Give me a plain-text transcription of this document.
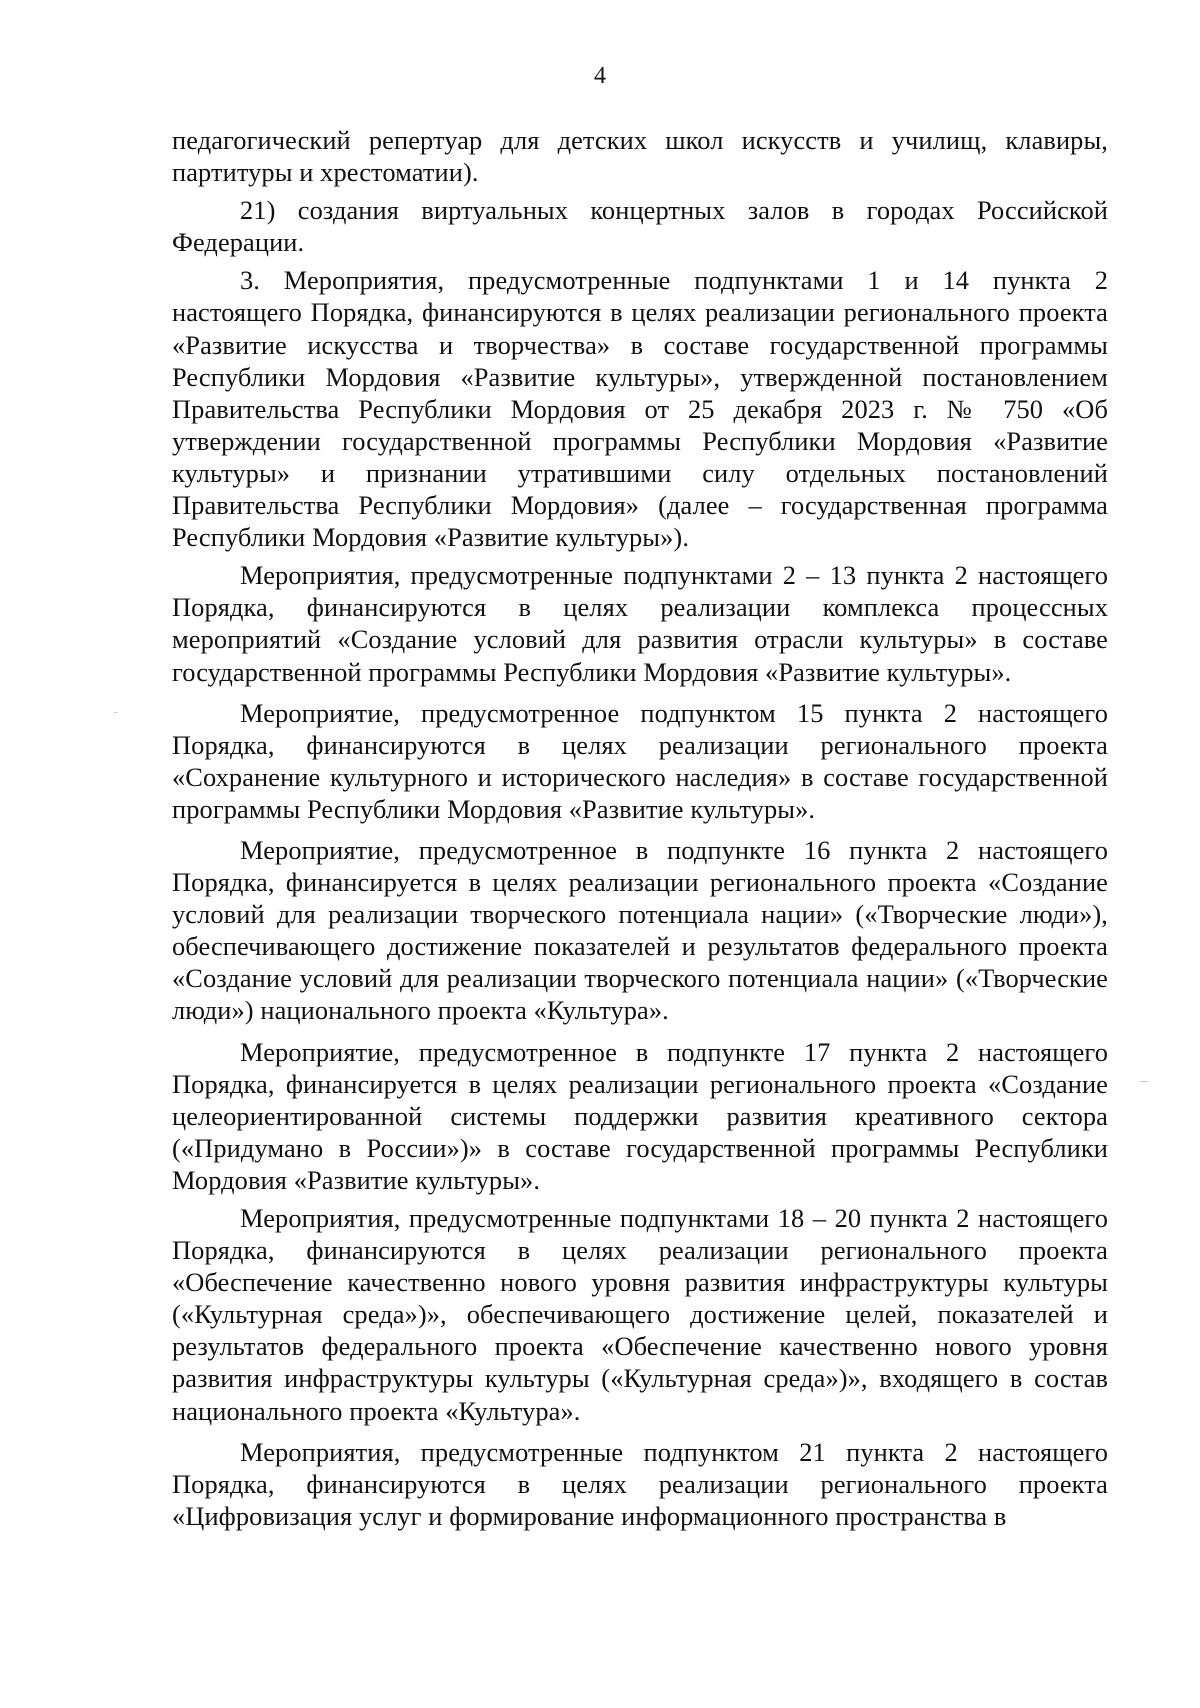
4

педагогический репертуар для детских школ искусств и училищ, клавиры, партитуры и хрестоматии).

21) создания виртуальных концертных залов в городах Российской Федерации.

3. Мероприятия, предусмотренные подпунктами 1 и 14 пункта 2 настоящего Порядка, финансируются в целях реализации регионального проекта «Развитие искусства и творчества» в составе государственной программы Республики Мордовия «Развитие культуры», утвержденной постановлением Правительства Республики Мордовия от 25 декабря 2023 г. № 750 «Об утверждении государственной программы Республики Мордовия «Развитие культуры» и признании утратившими силу отдельных постановлений Правительства Республики Мордовия» (далее – государственная программа Республики Мордовия «Развитие культуры»).

Мероприятия, предусмотренные подпунктами 2 – 13 пункта 2 настоящего Порядка, финансируются в целях реализации комплекса процессных мероприятий «Создание условий для развития отрасли культуры» в составе государственной программы Республики Мордовия «Развитие культуры».

Мероприятие, предусмотренное подпунктом 15 пункта 2 настоящего Порядка, финансируются в целях реализации регионального проекта «Сохранение культурного и исторического наследия» в составе государственной программы Республики Мордовия «Развитие культуры».

Мероприятие, предусмотренное в подпункте 16 пункта 2 настоящего Порядка, финансируется в целях реализации регионального проекта «Создание условий для реализации творческого потенциала нации» («Творческие люди»), обеспечивающего достижение показателей и результатов федерального проекта «Создание условий для реализации творческого потенциала нации» («Творческие люди») национального проекта «Культура».

Мероприятие, предусмотренное в подпункте 17 пункта 2 настоящего Порядка, финансируется в целях реализации регионального проекта «Создание целеориентированной системы поддержки развития креативного сектора («Придумано в России»)» в составе государственной программы Республики Мордовия «Развитие культуры».

Мероприятия, предусмотренные подпунктами 18 – 20 пункта 2 настоящего Порядка, финансируются в целях реализации регионального проекта «Обеспечение качественно нового уровня развития инфраструктуры культуры («Культурная среда»)», обеспечивающего достижение целей, показателей и результатов федерального проекта «Обеспечение качественно нового уровня развития инфраструктуры культуры («Культурная среда»)», входящего в состав национального проекта «Культура».

Мероприятия, предусмотренные подпунктом 21 пункта 2 настоящего Порядка, финансируются в целях реализации регионального проекта «Цифровизация услуг и формирование информационного пространства в
